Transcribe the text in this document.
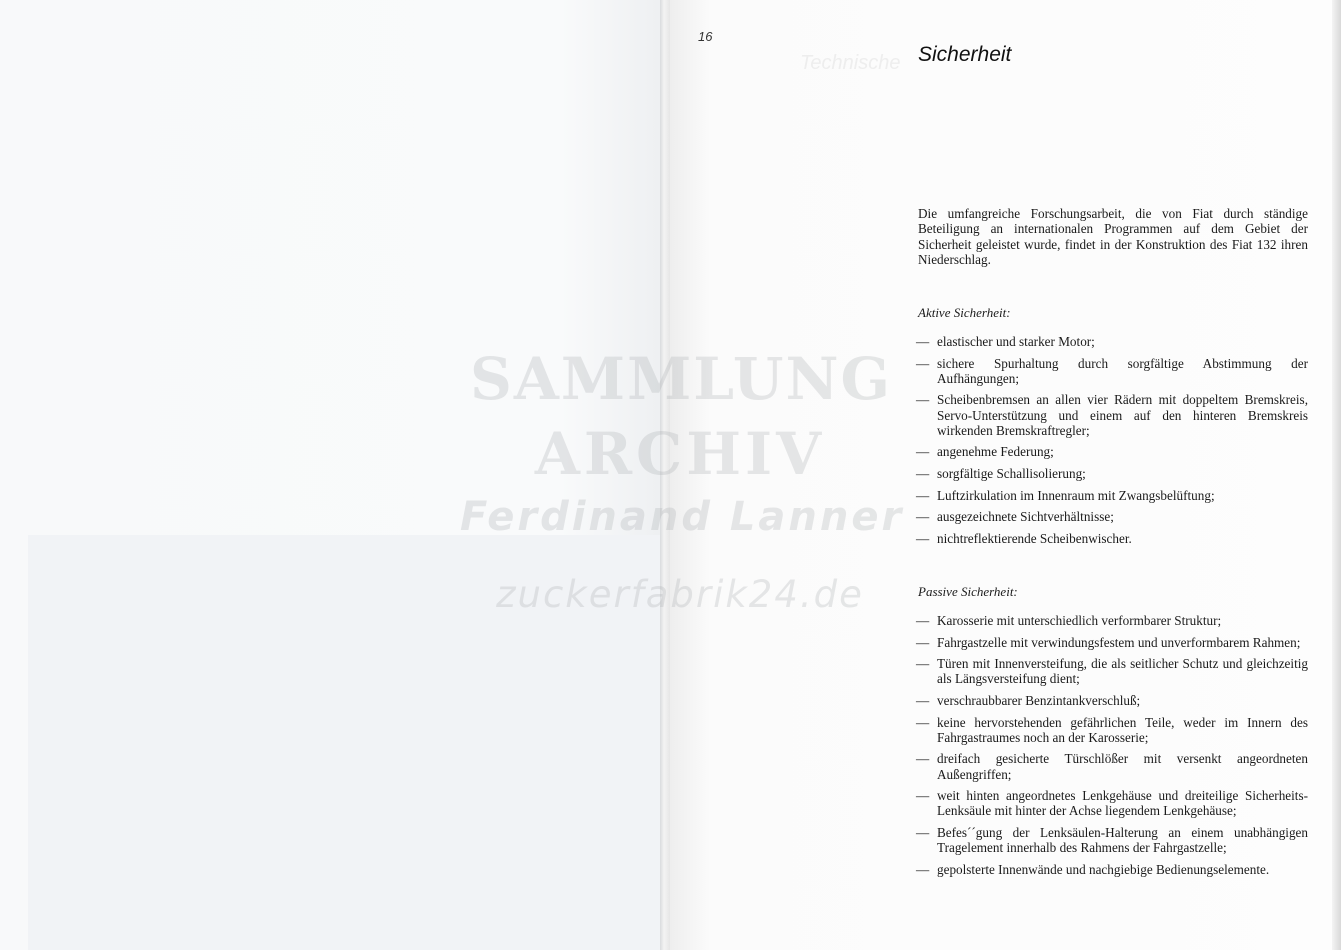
Technische
16
Sicherheit

Die umfangreiche Forschungsarbeit, die von Fiat durch ständige Beteiligung an internationalen Programmen auf dem Gebiet der Sicherheit geleistet wurde, findet in der Konstruktion des Fiat 132 ihren Niederschlag.

Aktive Sicherheit:
— elastischer und starker Motor;
— sichere Spurhaltung durch sorgfältige Abstimmung der Aufhängungen;
— Scheibenbremsen an allen vier Rädern mit doppeltem Bremskreis, Servo-Unterstützung und einem auf den hinteren Bremskreis wirkenden Bremskraftregler;
— angenehme Federung;
— sorgfältige Schallisolierung;
— Luftzirkulation im Innenraum mit Zwangsbelüftung;
— ausgezeichnete Sichtverhältnisse;
— nichtreflektierende Scheibenwischer.
Passive Sicherheit:
— Karosserie mit unterschiedlich verformbarer Struktur;
— Fahrgastzelle mit verwindungsfestem und unverformbarem Rahmen;
— Türen mit Innenversteifung, die als seitlicher Schutz und gleichzeitig als Längsversteifung dient;
— verschraubbarer Benzintankverschluß;
— keine hervorstehenden gefährlichen Teile, weder im Innern des Fahrgastraumes noch an der Karosserie;
— dreifach gesicherte Türschlößer mit versenkt angeordneten Außengriffen;
— weit hinten angeordnetes Lenkgehäuse und dreiteilige Sicherheits-Lenksäule mit hinter der Achse liegendem Lenkgehäuse;
— Befes´´gung der Lenksäulen-Halterung an einem unabhängigen Tragelement innerhalb des Rahmens der Fahrgastzelle;
— gepolsterte Innenwände und nachgiebige Bedienungselemente.
SAMMLUNG
ARCHIV
Ferdinand Lanner
zuckerfabrik24.de
